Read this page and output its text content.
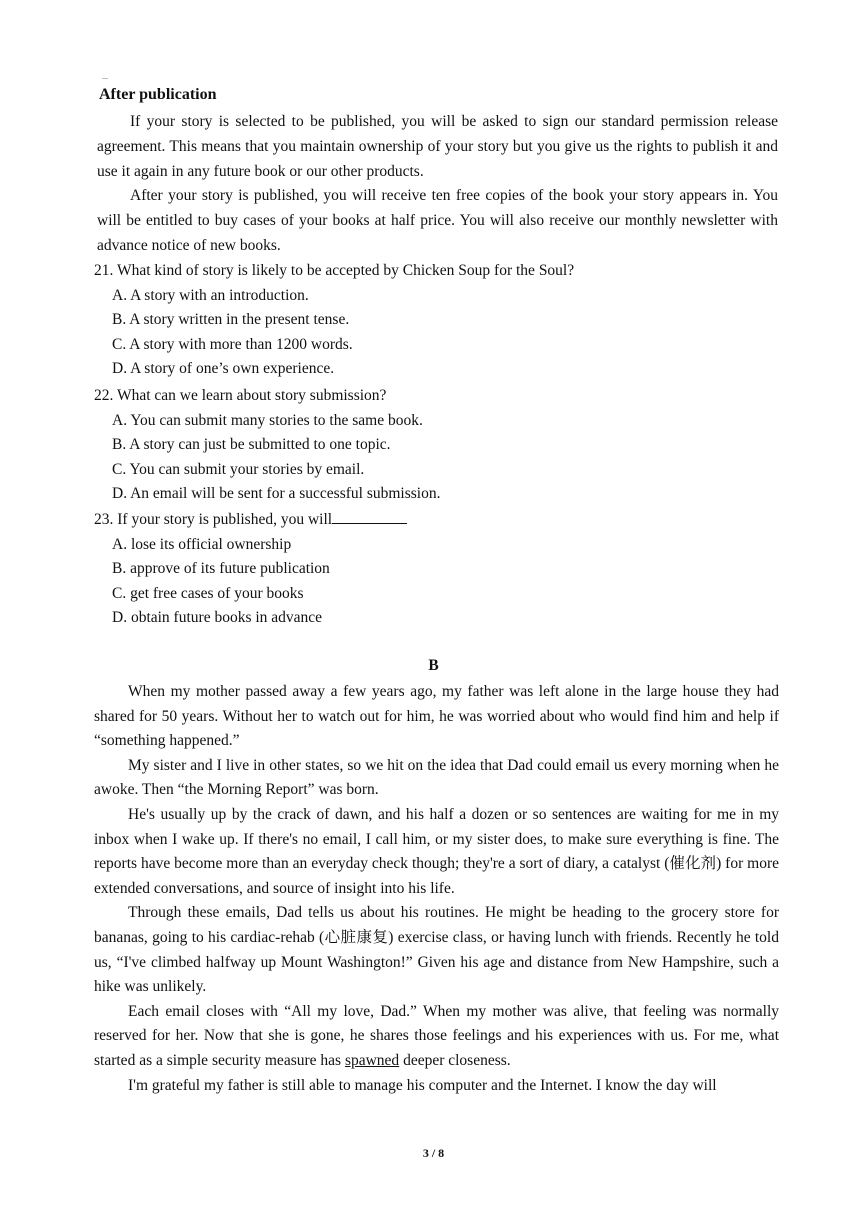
...
After publication
If your story is selected to be published, you will be asked to sign our standard permission release agreement. This means that you maintain ownership of your story but you give us the rights to publish it and use it again in any future book or our other products.
After your story is published, you will receive ten free copies of the book your story appears in. You will be entitled to buy cases of your books at half price. You will also receive our monthly newsletter with advance notice of new books.
21. What kind of story is likely to be accepted by Chicken Soup for the Soul?
A. A story with an introduction.
B. A story written in the present tense.
C. A story with more than 1200 words.
D. A story of one’s own experience.
22. What can we learn about story submission?
A. You can submit many stories to the same book.
B. A story can just be submitted to one topic.
C. You can submit your stories by email.
D. An email will be sent for a successful submission.
23. If your story is published, you will
A. lose its official ownership
B. approve of its future publication
C. get free cases of your books
D. obtain future books in advance
B

When my mother passed away a few years ago, my father was left alone in the large house they had shared for 50 years. Without her to watch out for him, he was worried about who would find him and help if “something happened.”

My sister and I live in other states, so we hit on the idea that Dad could email us every morning when he awoke. Then “the Morning Report” was born.

He's usually up by the crack of dawn, and his half a dozen or so sentences are waiting for me in my inbox when I wake up. If there's no email, I call him, or my sister does, to make sure everything is fine. The reports have become more than an everyday check though; they're a sort of diary, a catalyst (催化剂) for more extended conversations, and source of insight into his life.

Through these emails, Dad tells us about his routines. He might be heading to the grocery store for bananas, going to his cardiac-rehab (心脏康复) exercise class, or having lunch with friends. Recently he told us, “I've climbed halfway up Mount Washington!” Given his age and distance from New Hampshire, such a hike was unlikely.

Each email closes with “All my love, Dad.” When my mother was alive, that feeling was normally reserved for her. Now that she is gone, he shares those feelings and his experiences with us. For me, what started as a simple security measure has spawned deeper closeness.

I'm grateful my father is still able to manage his computer and the Internet. I know the day will

3 / 8
